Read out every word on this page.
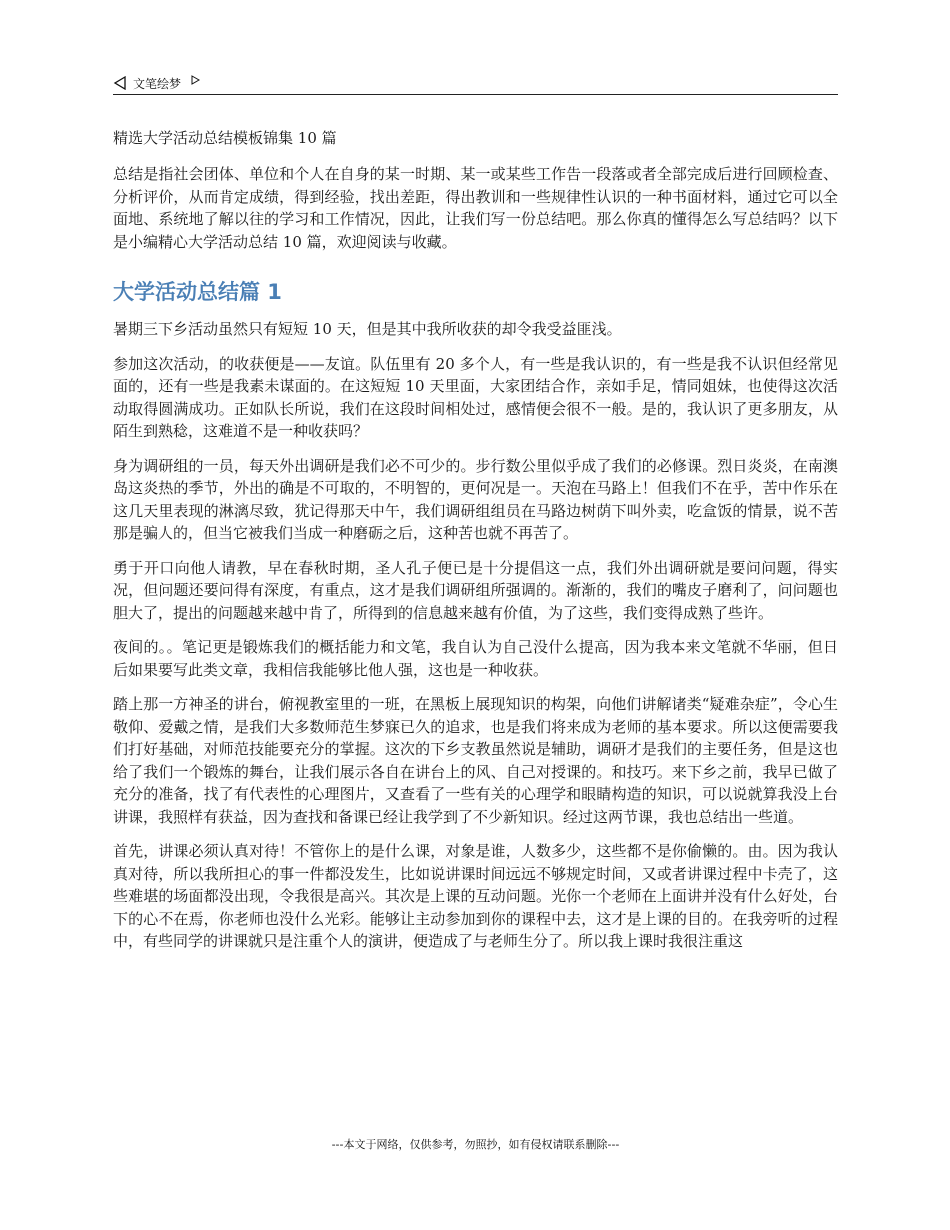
文笔绘梦
精选大学活动总结模板锦集 10 篇

总结是指社会团体、单位和个人在自身的某一时期、某一或某些工作告一段落或者全部完成后进行回顾检查、分析评价，从而肯定成绩，得到经验，找出差距，得出教训和一些规律性认识的一种书面材料，通过它可以全面地、系统地了解以往的学习和工作情况，因此，让我们写一份总结吧。那么你真的懂得怎么写总结吗？以下是小编精心大学活动总结 10 篇，欢迎阅读与收藏。

大学活动总结篇 1

暑期三下乡活动虽然只有短短 10 天，但是其中我所收获的却令我受益匪浅。

参加这次活动，的收获便是——友谊。队伍里有 20 多个人，有一些是我认识的，有一些是我不认识但经常见面的，还有一些是我素未谋面的。在这短短 10 天里面，大家团结合作，亲如手足，情同姐妹，也使得这次活动取得圆满成功。正如队长所说，我们在这段时间相处过，感情便会很不一般。是的，我认识了更多朋友，从陌生到熟稔，这难道不是一种收获吗？

身为调研组的一员，每天外出调研是我们必不可少的。步行数公里似乎成了我们的必修课。烈日炎炎，在南澳岛这炎热的季节，外出的确是不可取的，不明智的，更何况是一。天泡在马路上！但我们不在乎，苦中作乐在这几天里表现的淋漓尽致，犹记得那天中午，我们调研组组员在马路边树荫下叫外卖，吃盒饭的情景，说不苦那是骗人的，但当它被我们当成一种磨砺之后，这种苦也就不再苦了。

勇于开口向他人请教，早在春秋时期，圣人孔子便已是十分提倡这一点，我们外出调研就是要问问题，得实况，但问题还要问得有深度，有重点，这才是我们调研组所强调的。渐渐的，我们的嘴皮子磨利了，问问题也胆大了，提出的问题越来越中肯了，所得到的信息越来越有价值，为了这些，我们变得成熟了些许。

夜间的。。笔记更是锻炼我们的概括能力和文笔，我自认为自己没什么提高，因为我本来文笔就不华丽，但日后如果要写此类文章，我相信我能够比他人强，这也是一种收获。

踏上那一方神圣的讲台，俯视教室里的一班，在黑板上展现知识的构架，向他们讲解诸类“疑难杂症”，令心生敬仰、爱戴之情，是我们大多数师范生梦寐已久的追求，也是我们将来成为老师的基本要求。所以这便需要我们打好基础，对师范技能要充分的掌握。这次的下乡支教虽然说是辅助，调研才是我们的主要任务，但是这也给了我们一个锻炼的舞台，让我们展示各自在讲台上的风、自己对授课的。和技巧。来下乡之前，我早已做了充分的准备，找了有代表性的心理图片，又查看了一些有关的心理学和眼睛构造的知识，可以说就算我没上台讲课，我照样有获益，因为查找和备课已经让我学到了不少新知识。经过这两节课，我也总结出一些道。

首先，讲课必须认真对待！不管你上的是什么课，对象是谁，人数多少，这些都不是你偷懒的。由。因为我认真对待，所以我所担心的事一件都没发生，比如说讲课时间远远不够规定时间，又或者讲课过程中卡壳了，这些难堪的场面都没出现，令我很是高兴。其次是上课的互动问题。光你一个老师在上面讲并没有什么好处，台下的心不在焉，你老师也没什么光彩。能够让主动参加到你的课程中去，这才是上课的目的。在我旁听的过程中，有些同学的讲课就只是注重个人的演讲，便造成了与老师生分了。所以我上课时我很注重这

---本文于网络，仅供参考，勿照抄，如有侵权请联系删除---
